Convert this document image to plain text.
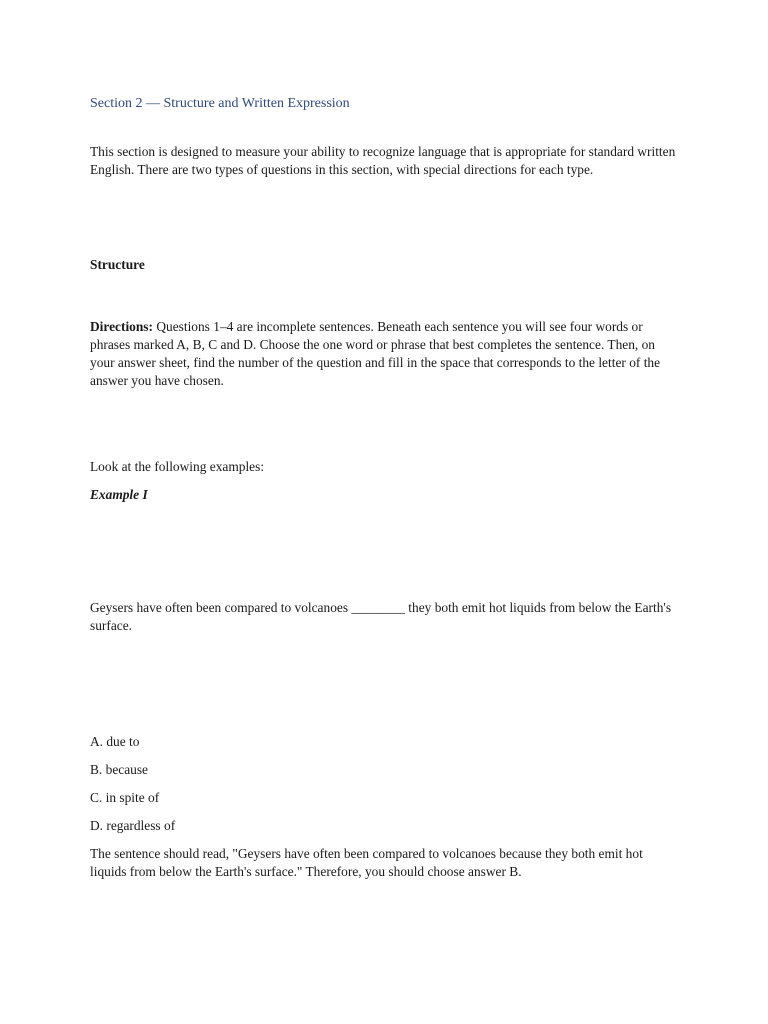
Section 2 — Structure and Written Expression

This section is designed to measure your ability to recognize language that is appropriate for standard written English. There are two types of questions in this section, with special directions for each type.

Structure

Directions: Questions 1–4 are incomplete sentences. Beneath each sentence you will see four words or phrases marked A, B, C and D. Choose the one word or phrase that best completes the sentence. Then, on your answer sheet, find the number of the question and fill in the space that corresponds to the letter of the answer you have chosen.

Look at the following examples:

Example I

Geysers have often been compared to volcanoes ________ they both emit hot liquids from below the Earth's surface.

A. due to

B. because

C. in spite of

D. regardless of

The sentence should read, "Geysers have often been compared to volcanoes because they both emit hot liquids from below the Earth's surface." Therefore, you should choose answer B.
